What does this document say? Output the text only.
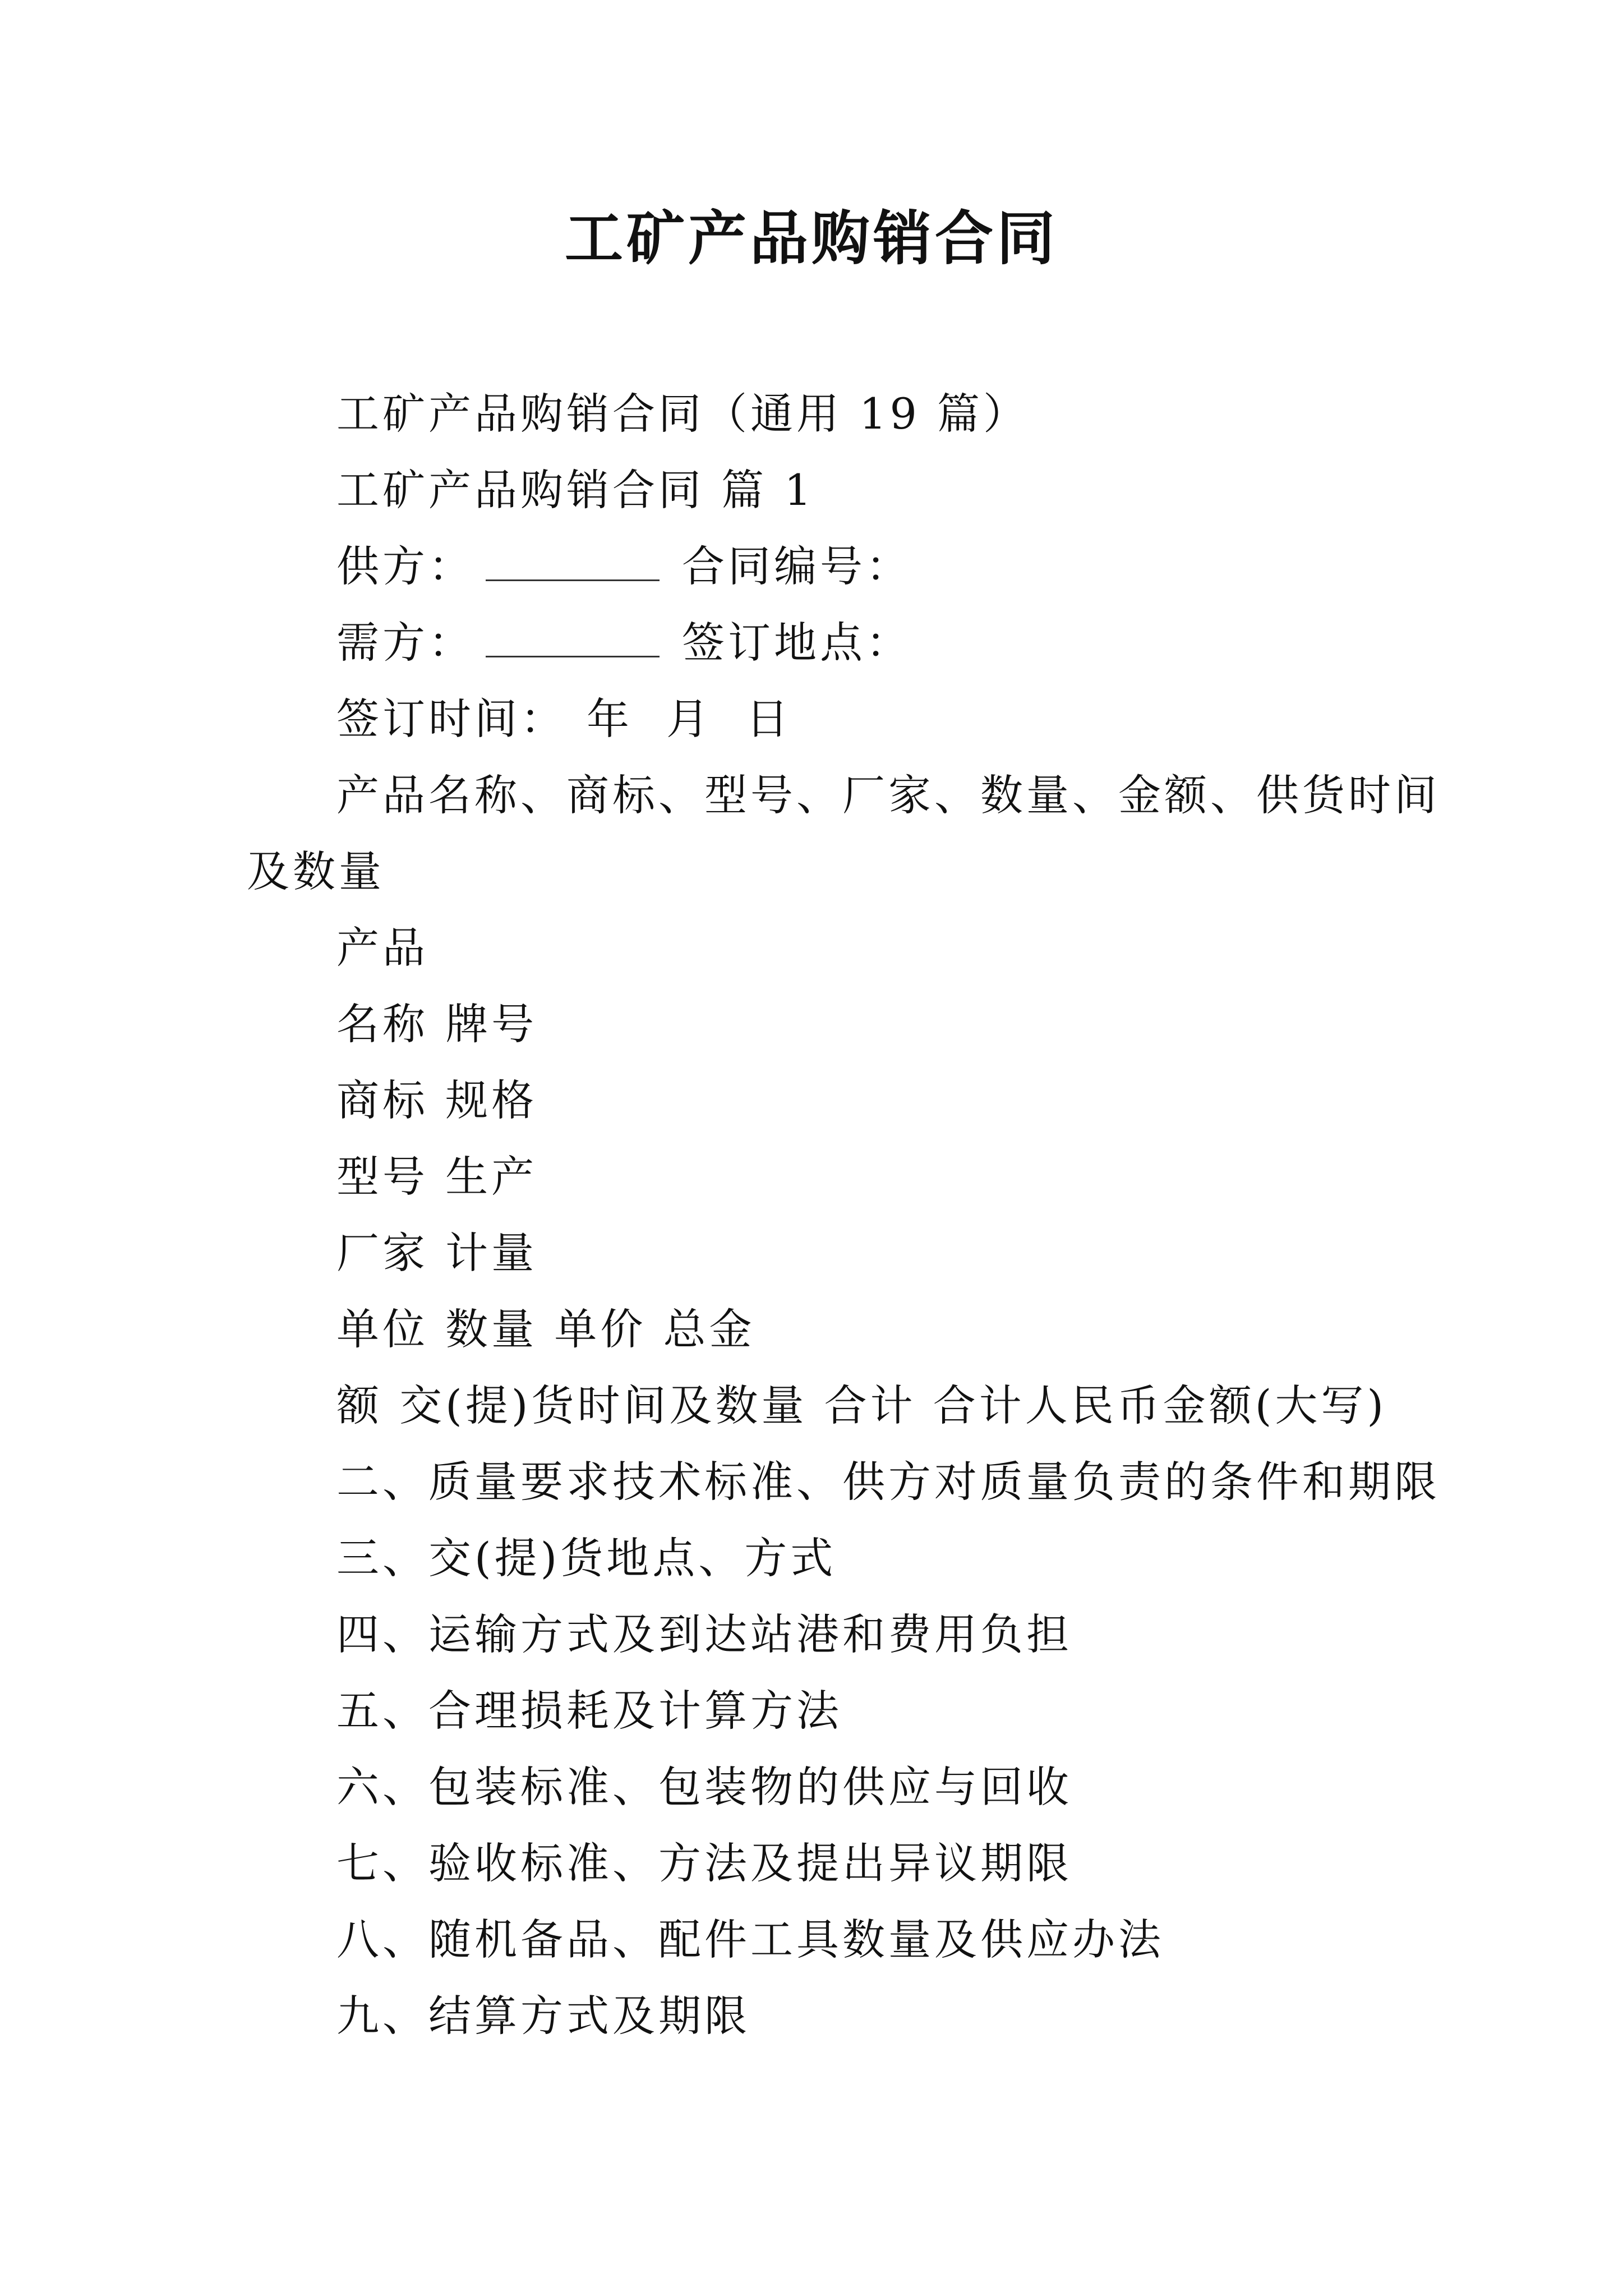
工矿产品购销合同
工矿产品购销合同（通用 19 篇）
工矿产品购销合同 篇 1
供方：	合同编号：
需方：	签订地点：
签订时间： 年 月 日
产品名称、商标、型号、厂家、数量、金额、供货时间
及数量
产品
名称 牌号
商标 规格
型号 生产
厂家 计量
单位 数量 单价 总金
额 交(提)货时间及数量 合计 合计人民币金额(大写)
二、质量要求技术标准、供方对质量负责的条件和期限
三、交(提)货地点、方式
四、运输方式及到达站港和费用负担
五、合理损耗及计算方法
六、包装标准、包装物的供应与回收
七、验收标准、方法及提出异议期限
八、随机备品、配件工具数量及供应办法
九、结算方式及期限
